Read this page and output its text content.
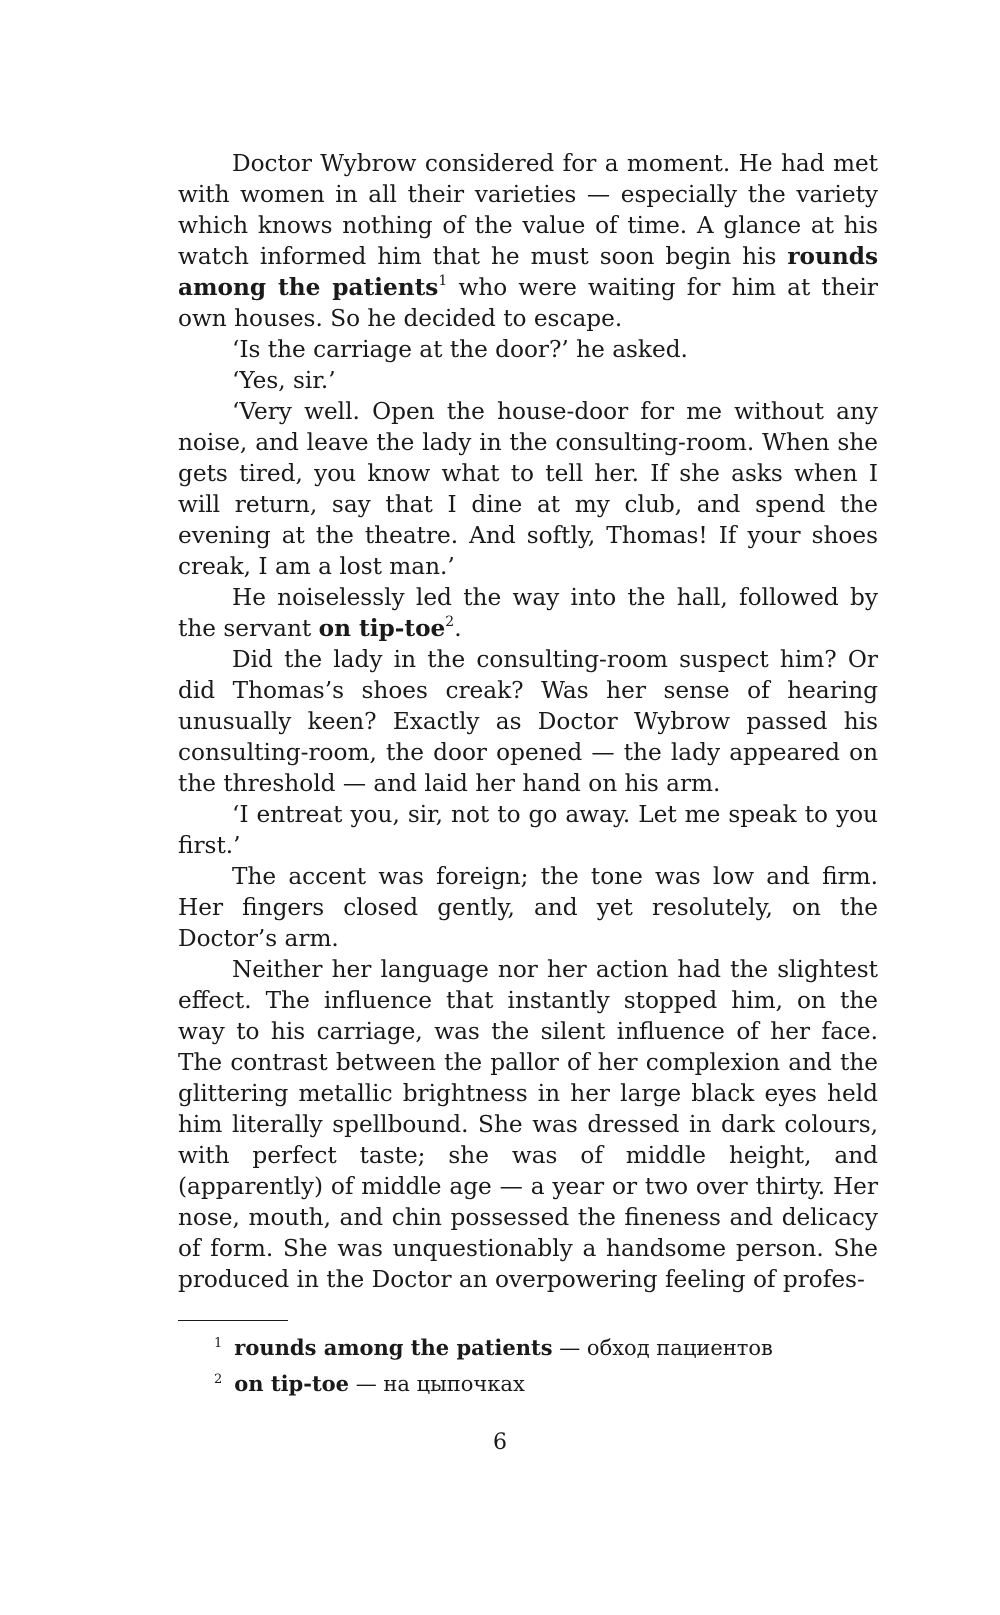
Doctor Wybrow considered for a moment. He had met with women in all their varieties — especially the variety which knows nothing of the value of time. A glance at his watch informed him that he must soon begin his rounds among the patients$^1$ who were waiting for him at their own houses. So he decided to escape.

‘Is the carriage at the door?’ he asked.

‘Yes, sir.’

‘Very well. Open the house-door for me without any noise, and leave the lady in the consulting-room. When she gets tired, you know what to tell her. If she asks when I will return, say that I dine at my club, and spend the evening at the theatre. And softly, Thomas! If your shoes creak, I am a lost man.’

He noiselessly led the way into the hall, followed by the servant on tip-toe$^2$.

Did the lady in the consulting-room suspect him? Or did Thomas’s shoes creak? Was her sense of hearing unusually keen? Exactly as Doctor Wybrow passed his consulting-room, the door opened — the lady appeared on the threshold — and laid her hand on his arm.

‘I entreat you, sir, not to go away. Let me speak to you first.’

The accent was foreign; the tone was low and firm. Her fingers closed gently, and yet resolutely, on the Doctor’s arm.

Neither her language nor her action had the slightest effect. The influence that instantly stopped him, on the way to his carriage, was the silent influence of her face. The contrast between the pallor of her complexion and the glittering metallic brightness in her large black eyes held him literally spellbound. She was dressed in dark colours, with perfect taste; she was of middle height, and (apparently) of middle age — a year or two over thirty. Her nose, mouth, and chin possessed the fineness and delicacy of form. She was unquestionably a handsome person. She produced in the Doctor an overpowering feeling of profes-

$^1$ rounds among the patients — обход пациентов
$^2$ on tip-toe — на цыпочках
6
